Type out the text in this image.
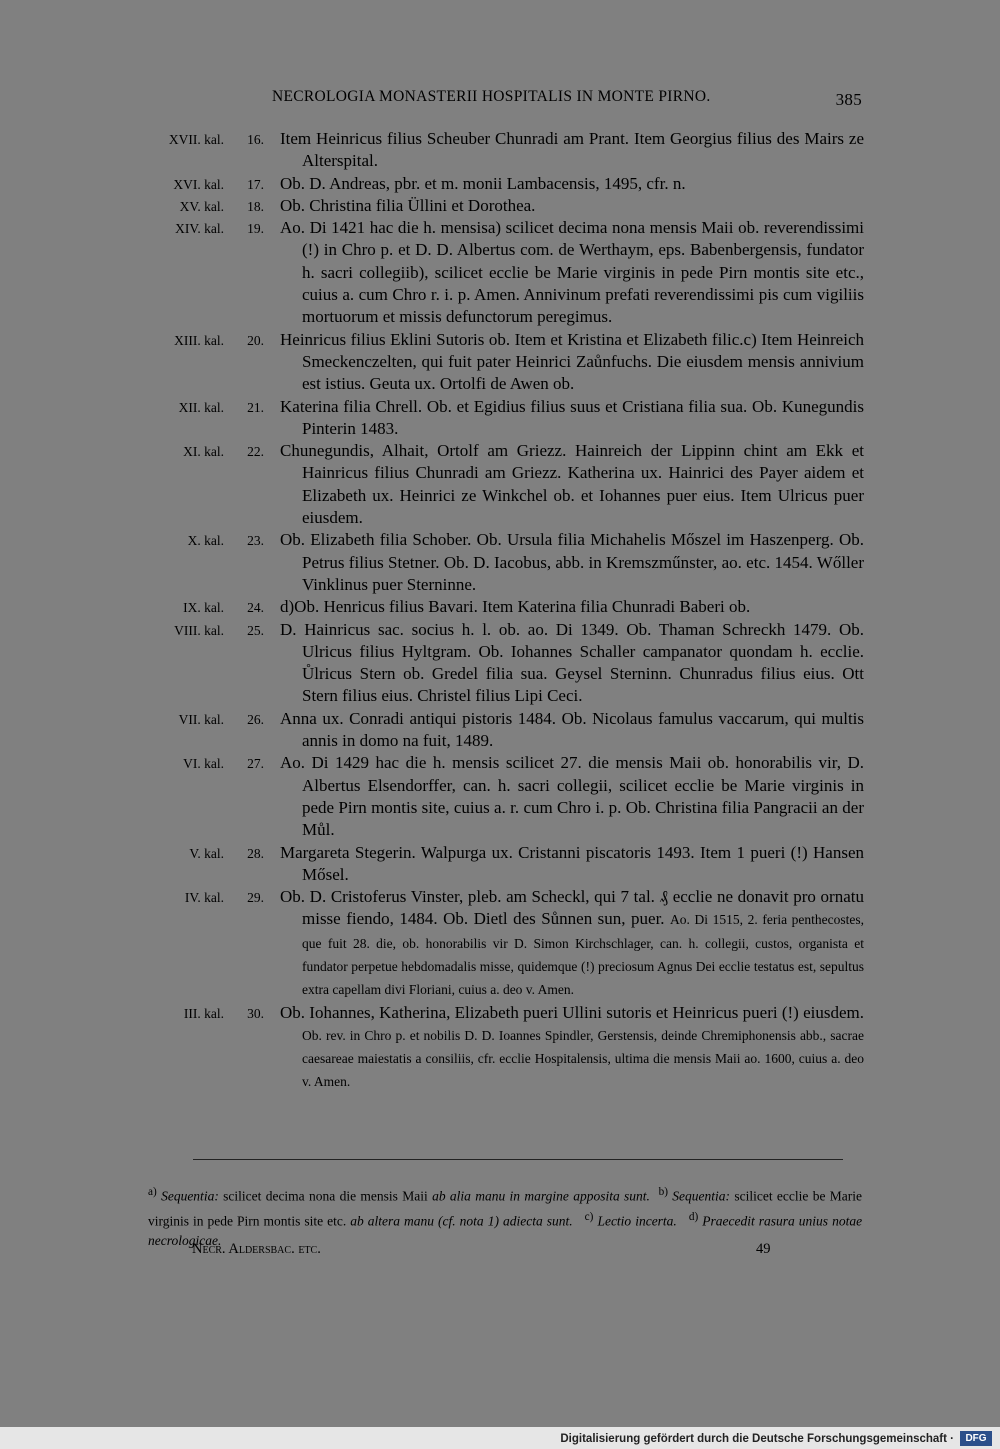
NECROLOGIA MONASTERII HOSPITALIS IN MONTE PIRNO.	385
XVII. kal.	16. Item Heinricus filius Scheuber Chunradi am Prant. Item Georgius filius des Mairs ze Alterspital.
XVI. kal.	17. Ob. D. Andreas, pbr. et m. monii Lambacensis, 1495, cfr. n.
XV. kal.	18. Ob. Christina filia Üllini et Dorothea.
XIV. kal.	19. Ao. Di 1421 hac die h. mensisa) scilicet decima nona mensis Maii ob. reverendissimi (!) in Chro p. et D. D. Albertus com. de Werthaym, eps. Babenbergensis, fundator h. sacri collegiib), scilicet ecclie be Marie virginis in pede Pirn montis site etc., cuius a. cum Chro r. i. p. Amen. Annivinum prefati reverendissimi pis cum vigiliis mortuorum et missis defunctorum peregimus.
XIII. kal.	20. Heinricus filius Eklini Sutoris ob. Item et Kristina et Elizabeth filic.c) Item Heinreich Smeckenczelten, qui fuit pater Heinrici Zaůnfuchs. Die eiusdem mensis annivium est istius. Geuta ux. Ortolfi de Awen ob.
XII. kal.	21. Katerina filia Chrell. Ob. et Egidius filius suus et Cristiana filia sua. Ob. Kunegundis Pinterin 1483.
XI. kal.	22. Chunegundis, Alhait, Ortolf am Griezz. Hainreich der Lippinn chint am Ekk et Hainricus filius Chunradi am Griezz. Katherina ux. Hainrici des Payer aidem et Elizabeth ux. Heinrici ze Winkchel ob. et Iohannes puer eius. Item Ulricus puer eiusdem.
X. kal.	23. Ob. Elizabeth filia Schober. Ob. Ursula filia Michahelis Mőszel im Haszenperg. Ob. Petrus filius Stetner. Ob. D. Iacobus, abb. in Kremszműnster, ao. etc. 1454. Wőller Vinklinus puer Sterninne.
IX. kal.	24. d)Ob. Henricus filius Bavari. Item Katerina filia Chunradi Baberi ob.
VIII. kal.	25. D. Hainricus sac. socius h. l. ob. ao. Di 1349. Ob. Thaman Schreckh 1479. Ob. Ulricus filius Hyltgram. Ob. Iohannes Schaller campanator quondam h. ecclie. Ůlricus Stern ob. Gredel filia sua. Geysel Sterninn. Chunradus filius eius. Ott Stern filius eius. Christel filius Lipi Ceci.
VII. kal.	26. Anna ux. Conradi antiqui pistoris 1484. Ob. Nicolaus famulus vaccarum, qui multis annis in domo na fuit, 1489.
VI. kal.	27. Ao. Di 1429 hac die h. mensis scilicet 27. die mensis Maii ob. honorabilis vir, D. Albertus Elsendorffer, can. h. sacri collegii, scilicet ecclie be Marie virginis in pede Pirn montis site, cuius a. r. cum Chro i. p. Ob. Christina filia Pangracii an der Můl.
V. kal.	28. Margareta Stegerin. Walpurga ux. Cristanni piscatoris 1493. Item 1 pueri (!) Hansen Mősel.
IV. kal.	29. Ob. D. Cristoferus Vinster, pleb. am Scheckl, qui 7 tal. ₰ ecclie ne donavit pro ornatu misse fiendo, 1484. Ob. Dietl des Sůnnen sun, puer. Ao. Di 1515, 2. feria penthecostes, que fuit 28. die, ob. honorabilis vir D. Simon Kirchschlager, can. h. collegii, custos, organista et fundator perpetue hebdomadalis misse, quidemque (!) preciosum Agnus Dei ecclie testatus est, sepultus extra capellam divi Floriani, cuius a. deo v. Amen.
III. kal.	30. Ob. Iohannes, Katherina, Elizabeth pueri Ullini sutoris et Heinricus pueri (!) eiusdem. Ob. rev. in Chro p. et nobilis D. D. Ioannes Spindler, Gerstensis, deinde Chremiphonensis abb., sacrae caesareae maiestatis a consiliis, cfr. ecclie Hospitalensis, ultima die mensis Maii ao. 1600, cuius a. deo v. Amen.
$^{a)}$ Sequentia: scilicet decima nona die mensis Maii ab alia manu in margine apposita sunt. $^{b)}$ Sequentia: scilicet ecclie be Marie virginis in pede Pirn montis site etc. ab altera manu (cf. nota 1) adiecta sunt. $^{c)}$ Lectio incerta. $^{d)}$ Praecedit rasura unius notae necrologicae.
Necr. Aldersbac. etc.	49
Digitalisierung gefördert durch die Deutsche Forschungsgemeinschaft ·	DFG
